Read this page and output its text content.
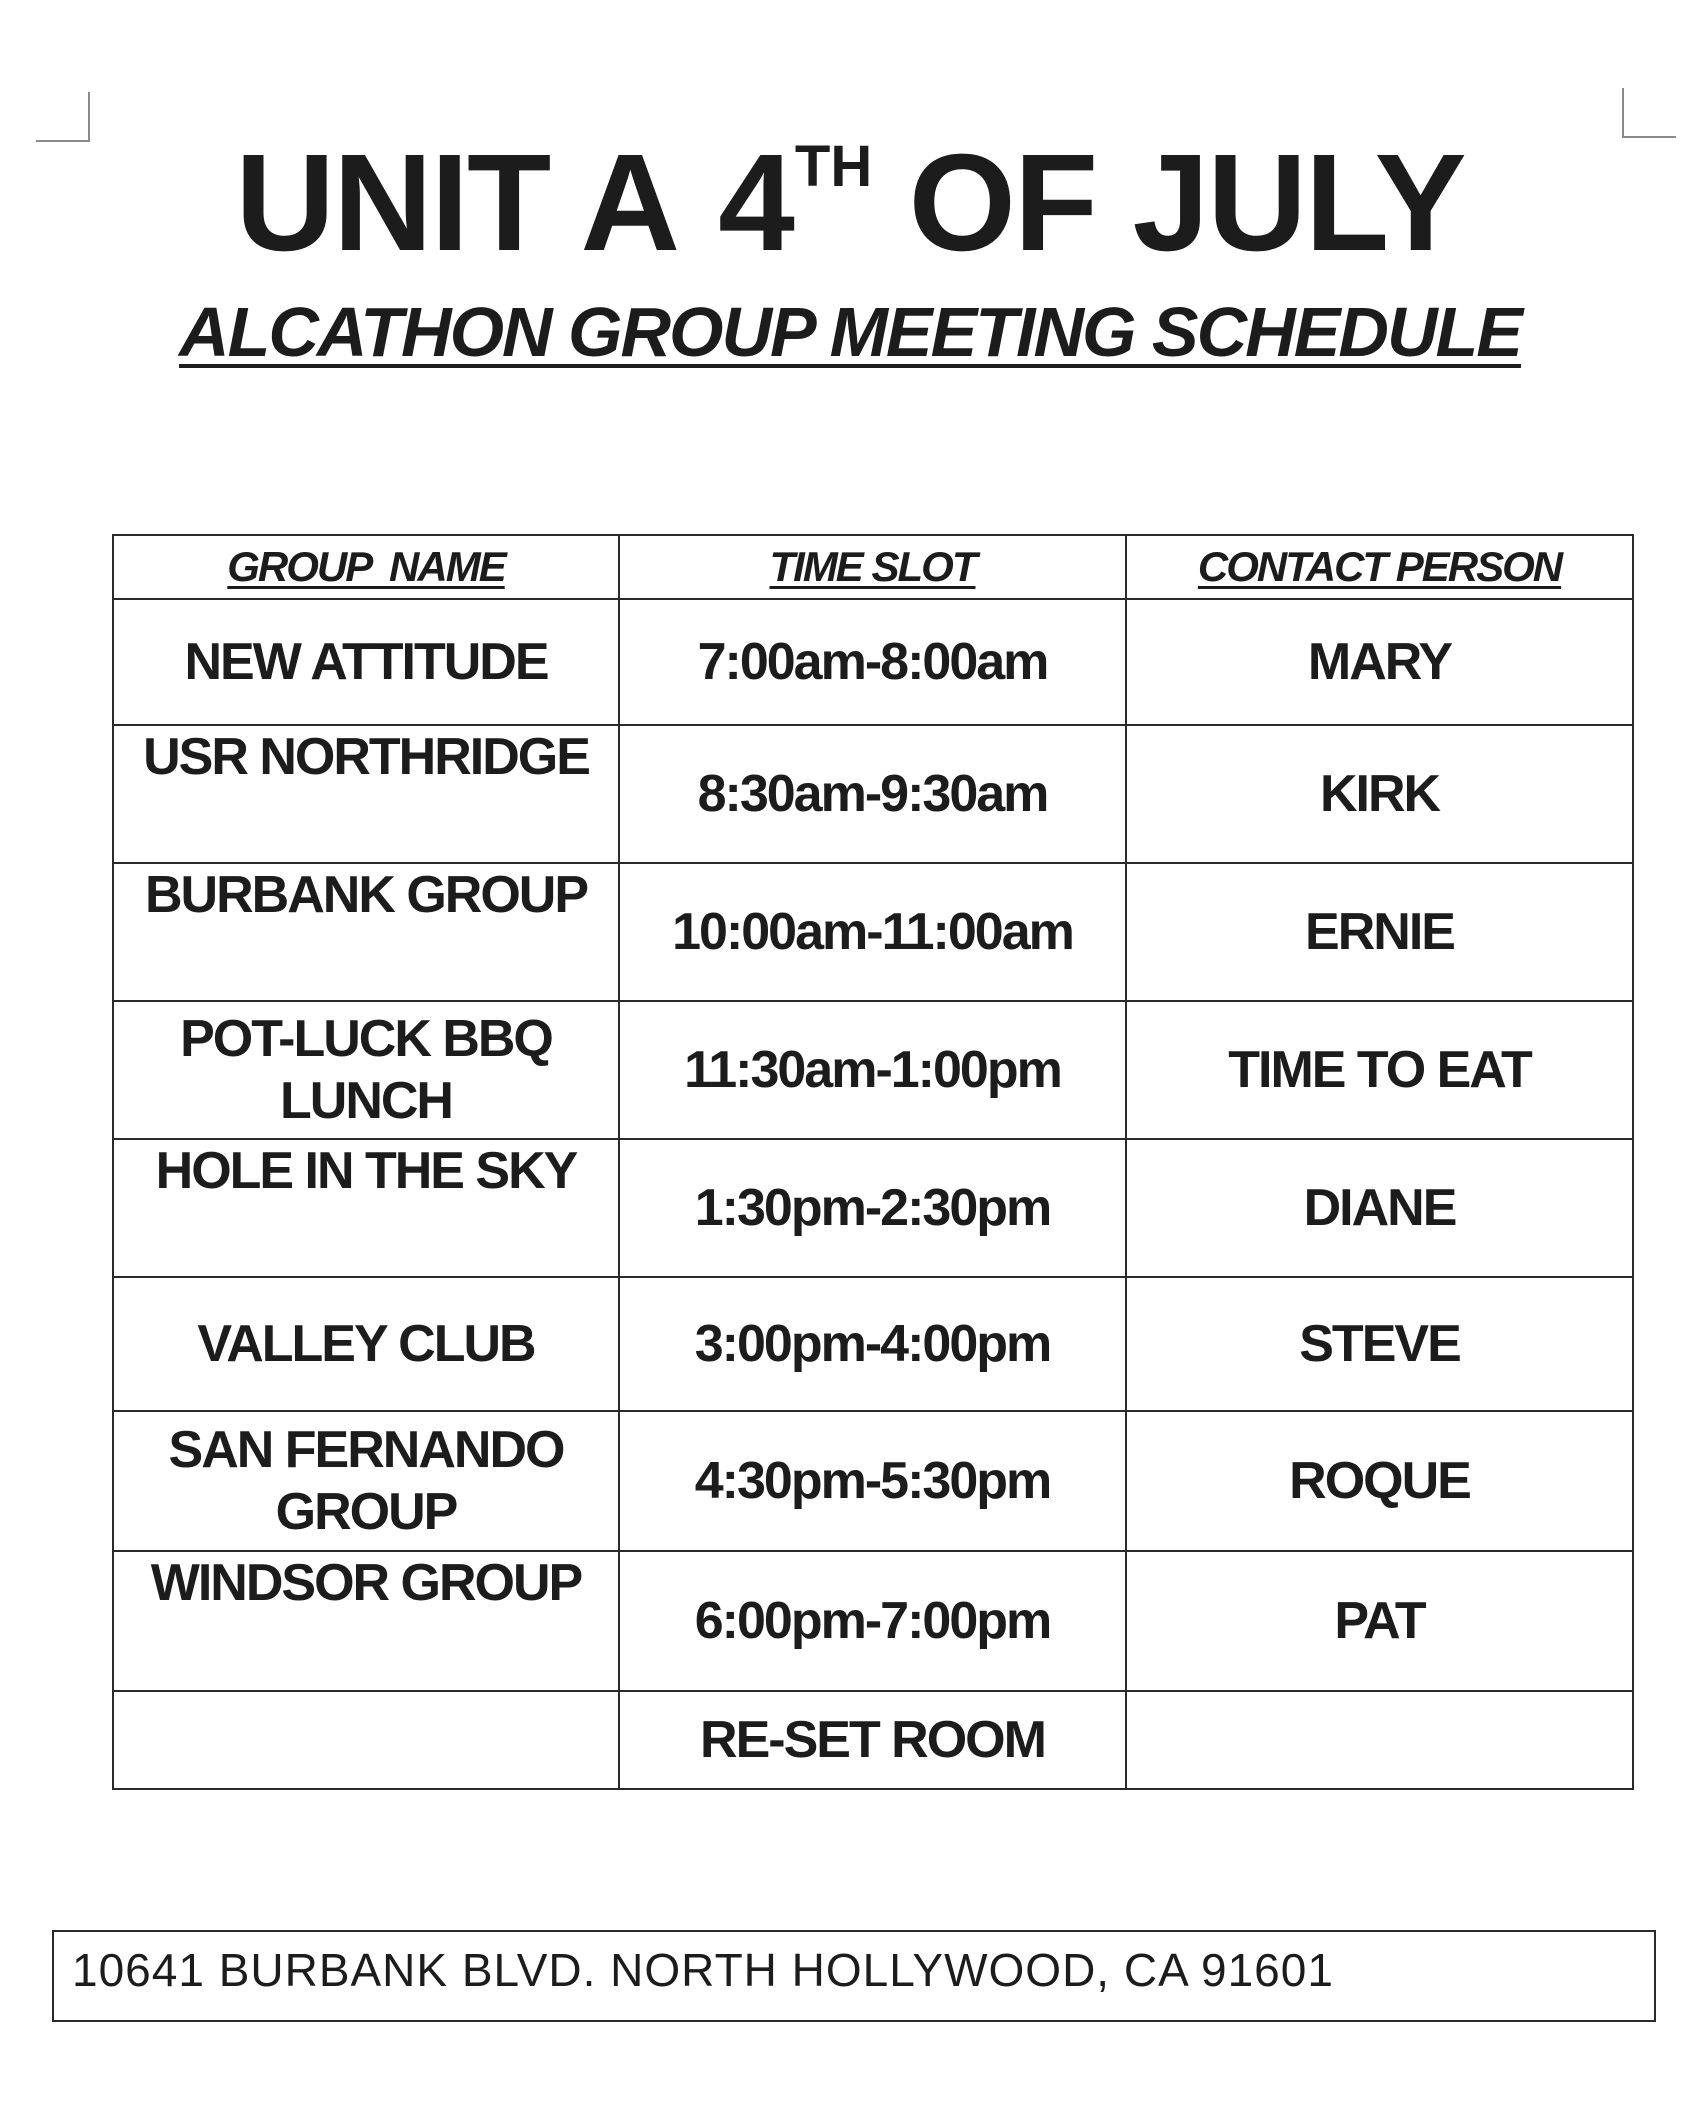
UNIT A 4TH OF JULY
ALCATHON GROUP MEETING SCHEDULE
GROUP  NAME	TIME SLOT	CONTACT PERSON
NEW ATTITUDE	7:00am-8:00am	MARY
USR NORTHRIDGE	8:30am-9:30am	KIRK
BURBANK GROUP	10:00am-11:00am	ERNIE
POT-LUCK BBQ LUNCH	11:30am-1:00pm	TIME TO EAT
HOLE IN THE SKY	1:30pm-2:30pm	DIANE
VALLEY CLUB	3:00pm-4:00pm	STEVE
SAN FERNANDO GROUP	4:30pm-5:30pm	ROQUE
WINDSOR GROUP	6:00pm-7:00pm	PAT
	RE-SET ROOM	
10641 BURBANK BLVD. NORTH HOLLYWOOD, CA 91601
